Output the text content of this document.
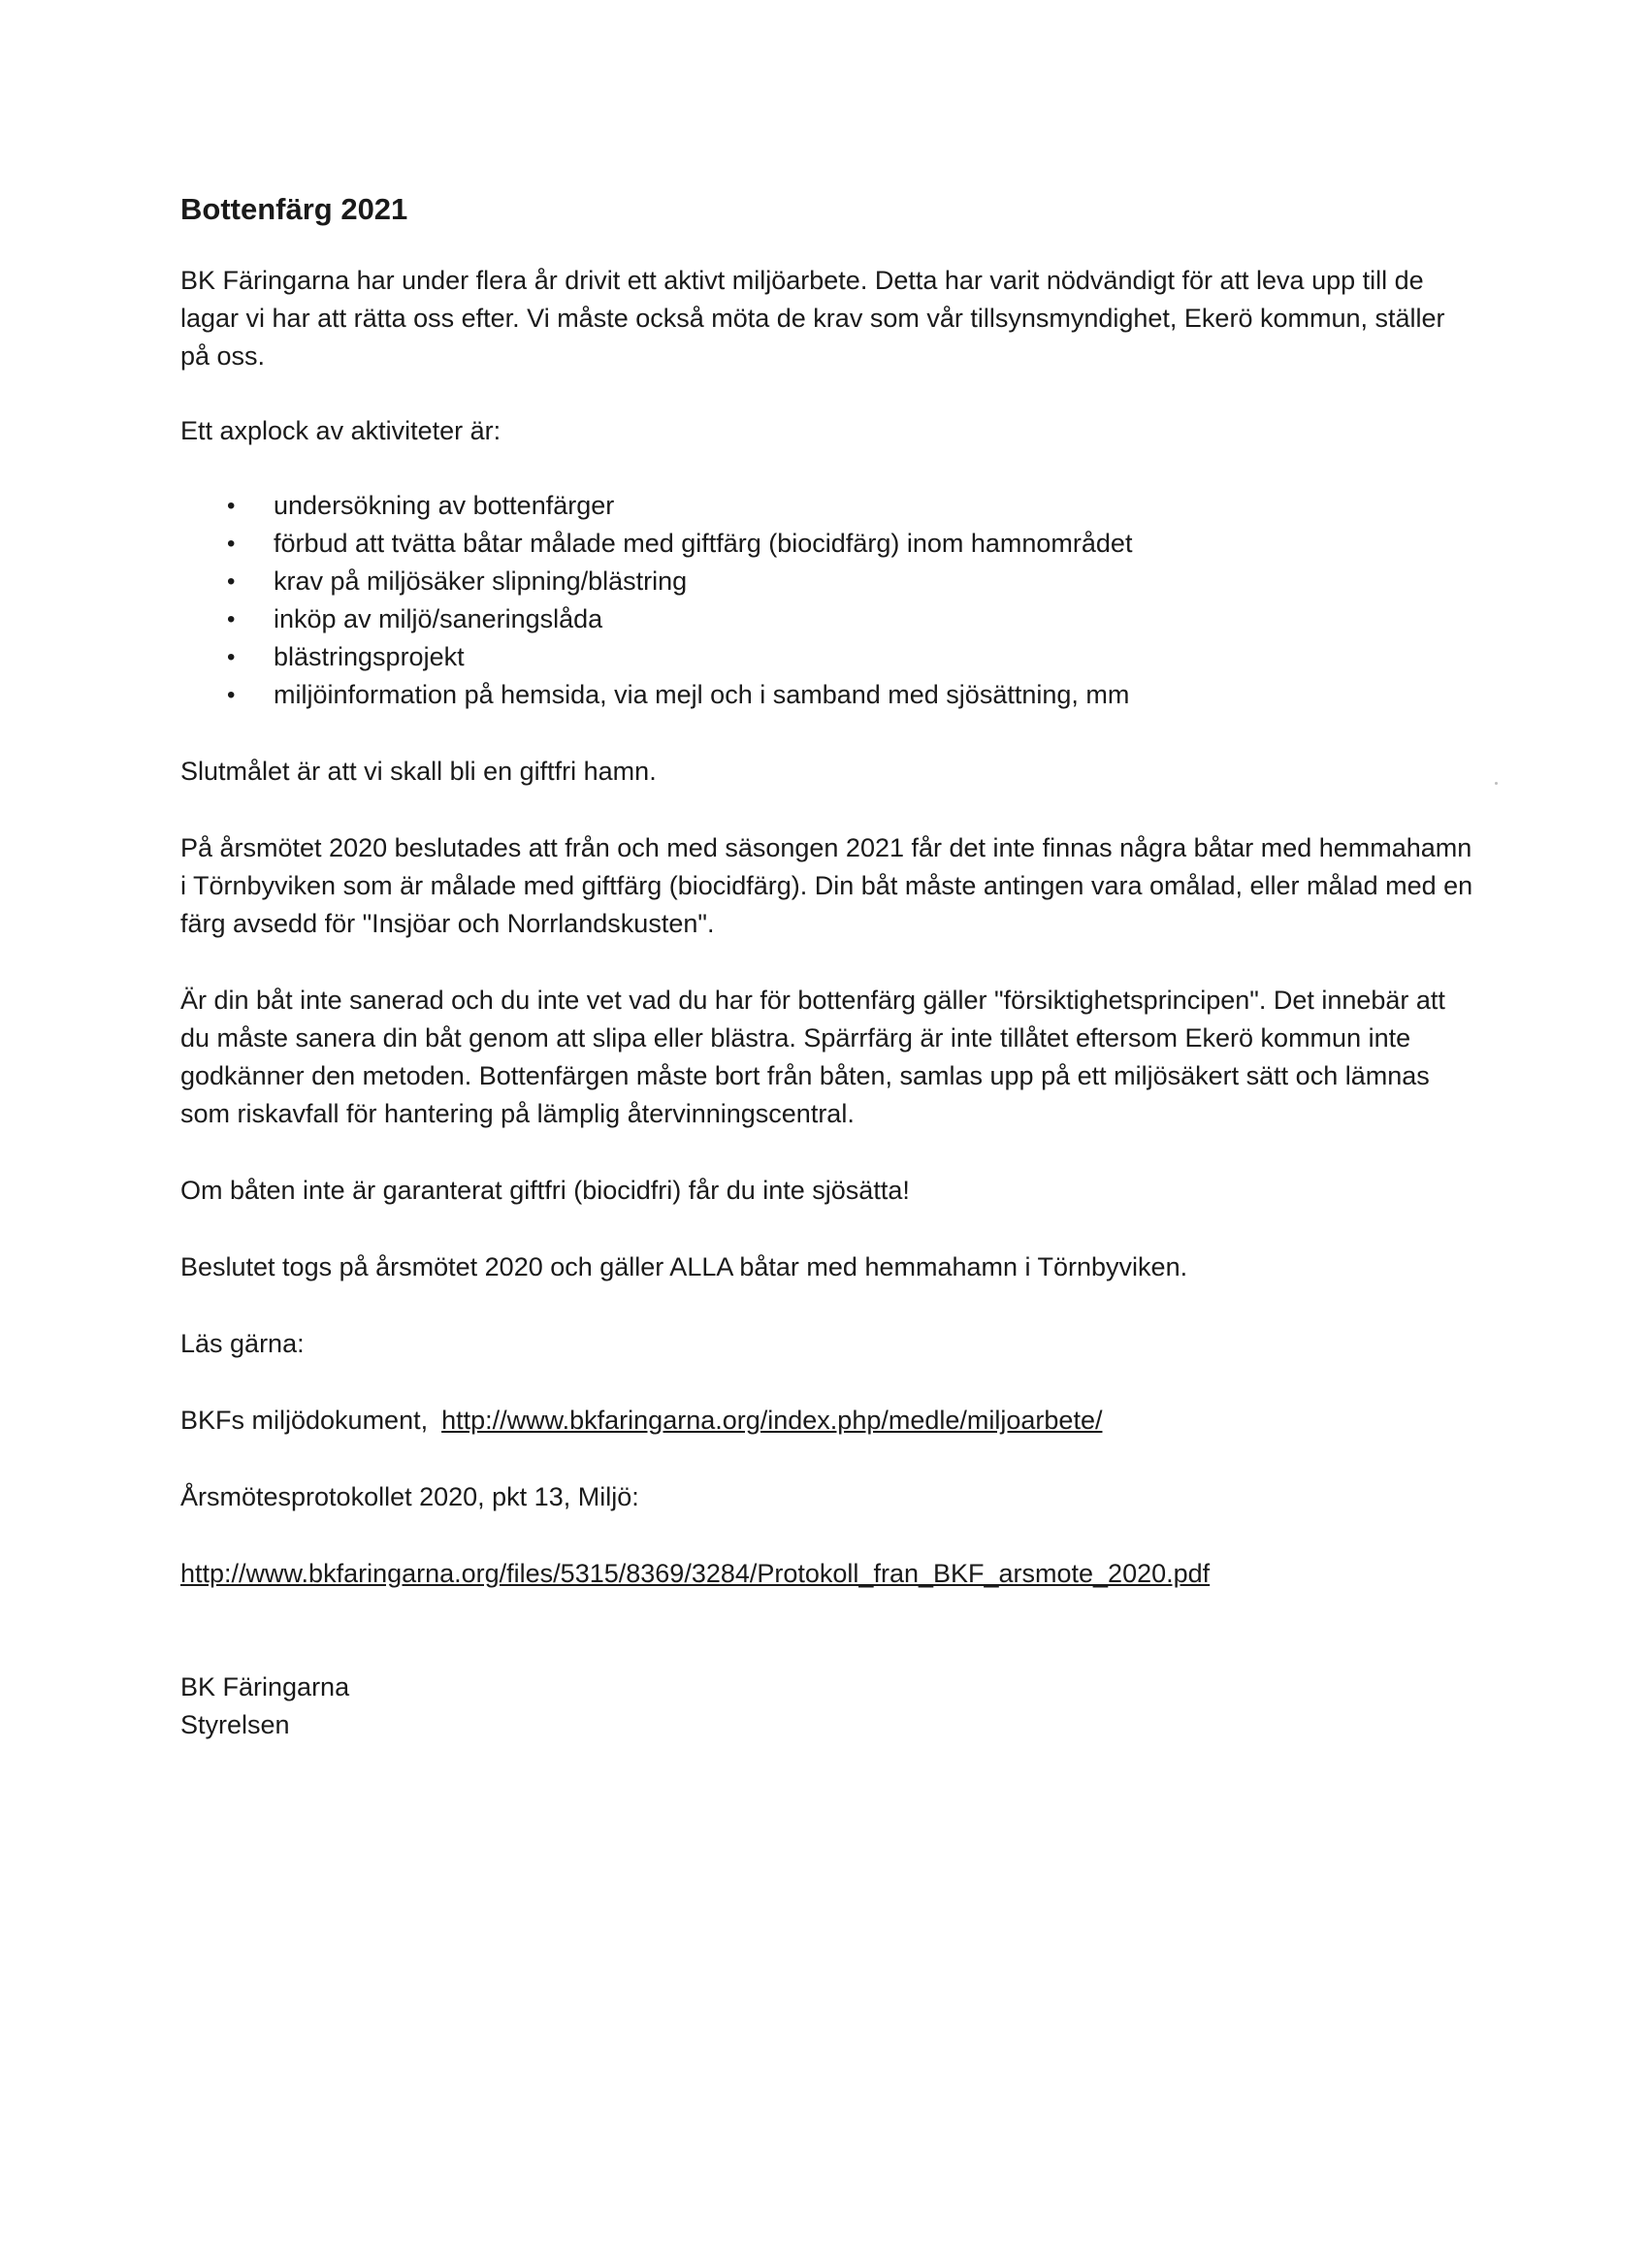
Bottenfärg 2021

BK Färingarna har under flera år drivit ett aktivt miljöarbete. Detta har varit nödvändigt för att leva upp till de lagar vi har att rätta oss efter. Vi måste också möta de krav som vår tillsynsmyndighet, Ekerö kommun, ställer på oss.

Ett axplock av aktiviteter är:

• undersökning av bottenfärger
• förbud att tvätta båtar målade med giftfärg (biocidfärg) inom hamnområdet
• krav på miljösäker slipning/blästring
• inköp av miljö/saneringslåda
• blästringsprojekt
• miljöinformation på hemsida, via mejl och i samband med sjösättning, mm

Slutmålet är att vi skall bli en giftfri hamn.

På årsmötet 2020 beslutades att från och med säsongen 2021 får det inte finnas några båtar med hemmahamn i Törnbyviken som är målade med giftfärg (biocidfärg). Din båt måste antingen vara omålad, eller målad med en färg avsedd för "Insjöar och Norrlandskusten".

Är din båt inte sanerad och du inte vet vad du har för bottenfärg gäller "försiktighetsprincipen". Det innebär att du måste sanera din båt genom att slipa eller blästra. Spärrfärg är inte tillåtet eftersom Ekerö kommun inte godkänner den metoden. Bottenfärgen måste bort från båten, samlas upp på ett miljösäkert sätt och lämnas som riskavfall för hantering på lämplig återvinningscentral.

Om båten inte är garanterat giftfri (biocidfri) får du inte sjösätta!

Beslutet togs på årsmötet 2020 och gäller ALLA båtar med hemmahamn i Törnbyviken.

Läs gärna:

BKFs miljödokument, http://www.bkfaringarna.org/index.php/medle/miljoarbete/

Årsmötesprotokollet 2020, pkt 13, Miljö:

http://www.bkfaringarna.org/files/5315/8369/3284/Protokoll_fran_BKF_arsmote_2020.pdf

BK Färingarna

Styrelsen
